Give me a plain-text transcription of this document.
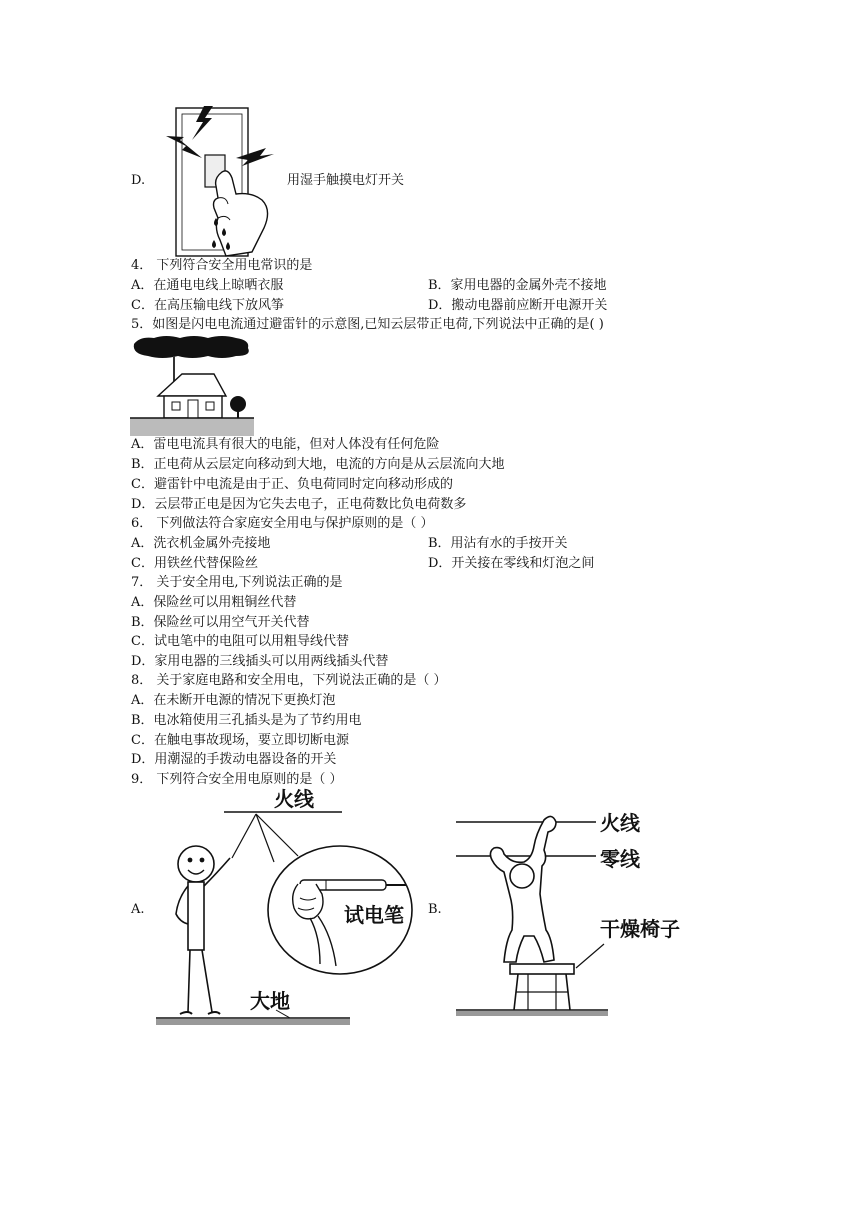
D.	用湿手触摸电灯开关
4． 下列符合安全用电常识的是
A．在通电电线上晾晒衣服	B．家用电器的金属外壳不接地
C．在高压输电线下放风筝	D．搬动电器前应断开电源开关
5．如图是闪电电流通过避雷针的示意图,已知云层带正电荷,下列说法中正确的是( )
A．雷电电流具有很大的电能，但对人体没有任何危险
B．正电荷从云层定向移动到大地，电流的方向是从云层流向大地
C．避雷针中电流是由于正、负电荷同时定向移动形成的
D．云层带正电是因为它失去电子，正电荷数比负电荷数多
6． 下列做法符合家庭安全用电与保护原则的是（ ）
A．洗衣机金属外壳接地	B．用沾有水的手按开关
C．用铁丝代替保险丝	D．开关接在零线和灯泡之间
7． 关于安全用电,下列说法正确的是
A．保险丝可以用粗铜丝代替
B．保险丝可以用空气开关代替
C．试电笔中的电阻可以用粗导线代替
D．家用电器的三线插头可以用两线插头代替
8． 关于家庭电路和安全用电，下列说法正确的是（ ）
A．在未断开电源的情况下更换灯泡
B．电冰箱使用三孔插头是为了节约用电
C．在触电事故现场，要立即切断电源
D．用潮湿的手拨动电器设备的开关
9． 下列符合安全用电原则的是（ ）
A.
火线
大地
试电笔 B.
火线
零线
干燥椅子
